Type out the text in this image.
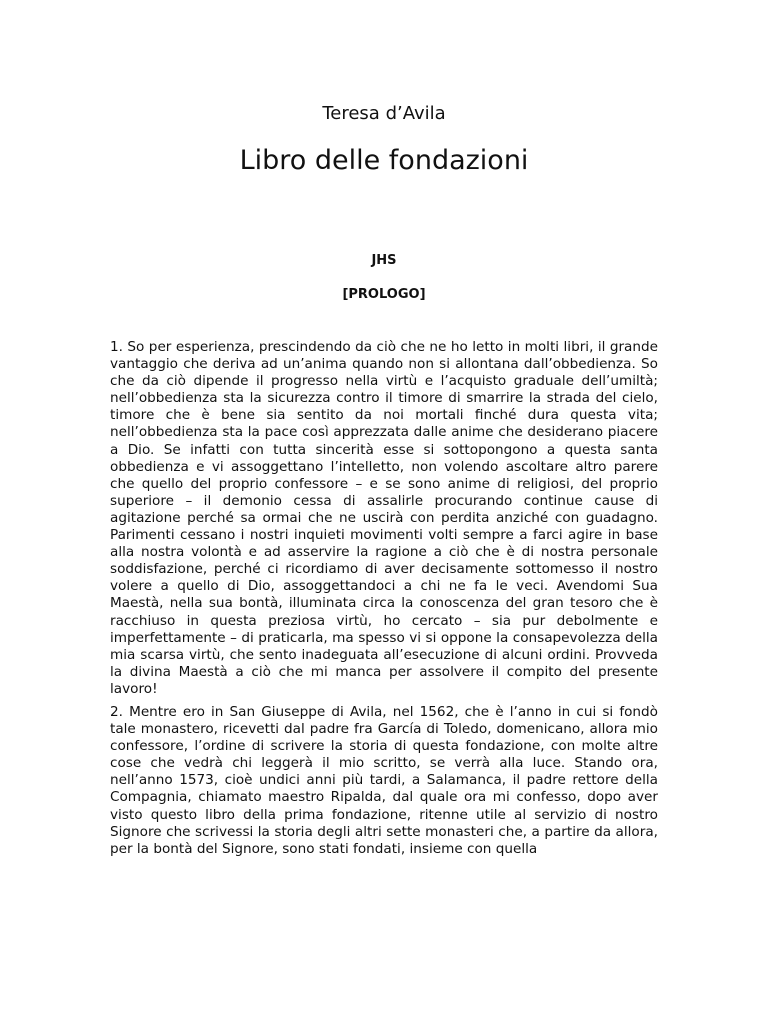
Teresa d’Avila
Libro delle fondazioni
JHS
[PROLOGO]

1. So per esperienza, prescindendo da ciò che ne ho letto in molti libri, il grande vantaggio che deriva ad un’anima quando non si allontana dall’obbedienza. So che da ciò dipende il progresso nella virtù e l’acquisto graduale dell’umiltà; nell’obbedienza sta la sicurezza contro il timore di smarrire la strada del cielo, timore che è bene sia sentito da noi mortali finché dura questa vita; nell’obbedienza sta la pace così apprezzata dalle anime che desiderano piacere a Dio. Se infatti con tutta sincerità esse si sottopongono a questa santa obbedienza e vi assoggettano l’intelletto, non volendo ascoltare altro parere che quello del proprio confessore – e se sono anime di religiosi, del proprio superiore – il demonio cessa di assalirle procurando continue cause di agitazione perché sa ormai che ne uscirà con perdita anziché con guadagno. Parimenti cessano i nostri inquieti movimenti volti sempre a farci agire in base alla nostra volontà e ad asservire la ragione a ciò che è di nostra personale soddisfazione, perché ci ricordiamo di aver decisamente sottomesso il nostro volere a quello di Dio, assoggettandoci a chi ne fa le veci. Avendomi Sua Maestà, nella sua bontà, illuminata circa la conoscenza del gran tesoro che è racchiuso in questa preziosa virtù, ho cercato – sia pur debolmente e imperfettamente – di praticarla, ma spesso vi si oppone la consapevolezza della mia scarsa virtù, che sento inadeguata all’esecuzione di alcuni ordini. Provveda la divina Maestà a ciò che mi manca per assolvere il compito del presente lavoro!

2. Mentre ero in San Giuseppe di Avila, nel 1562, che è l’anno in cui si fondò tale monastero, ricevetti dal padre fra García di Toledo, domenicano, allora mio confessore, l’ordine di scrivere la storia di questa fondazione, con molte altre cose che vedrà chi leggerà il mio scritto, se verrà alla luce. Stando ora, nell’anno 1573, cioè undici anni più tardi, a Salamanca, il padre rettore della Compagnia, chiamato maestro Ripalda, dal quale ora mi confesso, dopo aver visto questo libro della prima fondazione, ritenne utile al servizio di nostro Signore che scrivessi la storia degli altri sette monasteri che, a partire da allora, per la bontà del Signore, sono stati fondati, insieme con quella
